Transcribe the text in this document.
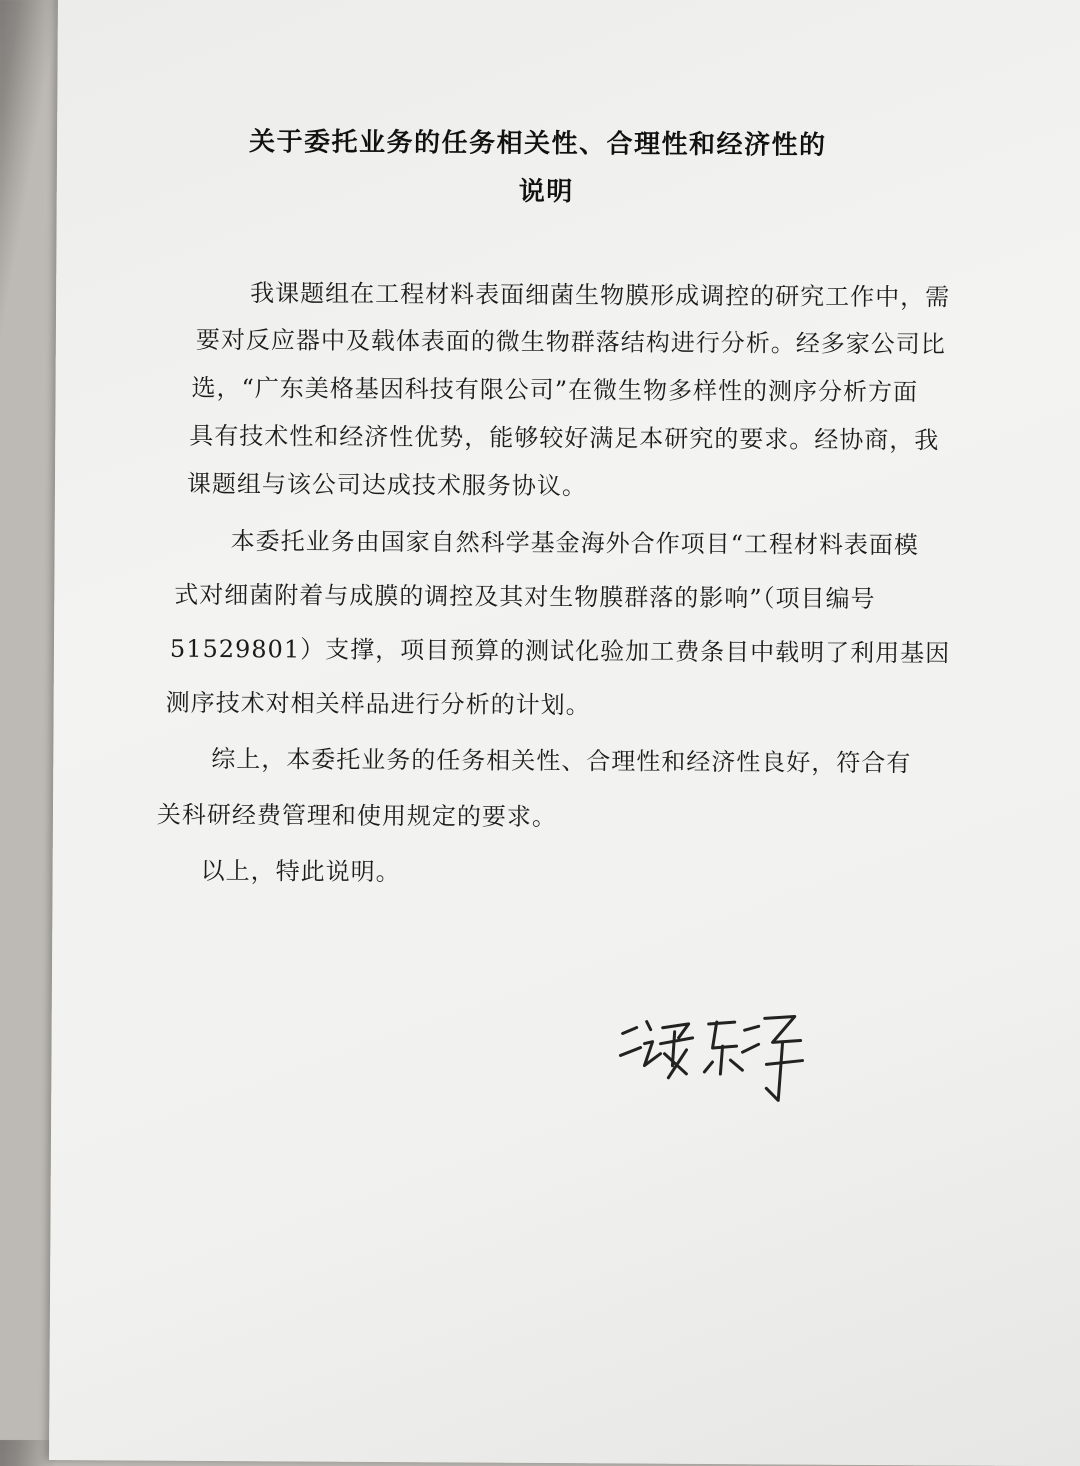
关于委托业务的任务相关性、合理性和经济性的

说明

我课题组在工程材料表面细菌生物膜形成调控的研究工作中，需

要对反应器中及载体表面的微生物群落结构进行分析。经多家公司比

选，“广东美格基因科技有限公司”在微生物多样性的测序分析方面

具有技术性和经济性优势，能够较好满足本研究的要求。经协商，我

课题组与该公司达成技术服务协议。

本委托业务由国家自然科学基金海外合作项目“工程材料表面模

式对细菌附着与成膜的调控及其对生物膜群落的影响”（项目编号

51529801）支撑，项目预算的测试化验加工费条目中载明了利用基因

测序技术对相关样品进行分析的计划。

综上，本委托业务的任务相关性、合理性和经济性良好，符合有

关科研经费管理和使用规定的要求。

以上，特此说明。
